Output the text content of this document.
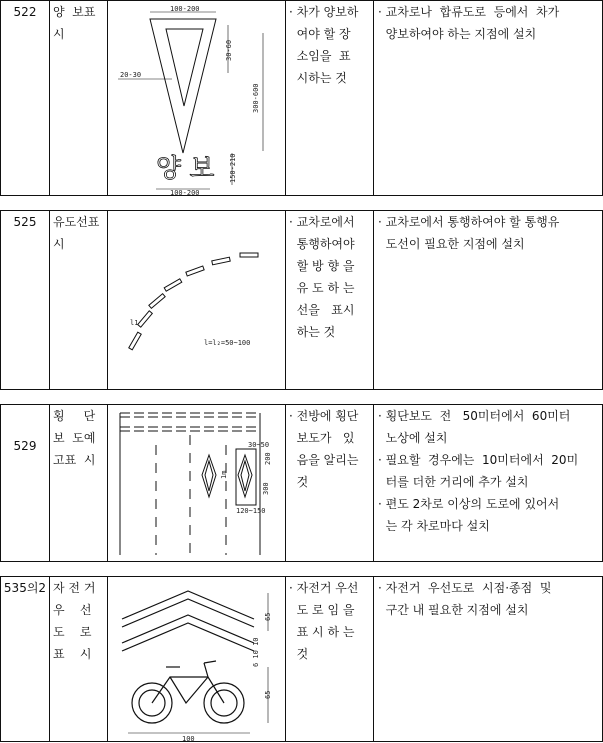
522	양  보표
시
100-200
30-60
20-30
300-600
150-210
양 보
100-200
· 차가 양보하
여야 할 장
소임을  표
시하는 것
· 교차로나  합류도로  등에서  차가
양보하여야 하는 지점에 설치
525	유도선표
시
l1
l=l₂=50~100
· 교차로에서
통행하여야
할 방 향 을
유 도 하 는
선을   표시
하는 것
· 교차로에서 통행하여야 할 통행유
도선이 필요한 지점에 설치
529
횡     단
보  도예
고표  시
30~50
200
300
120~150
1m
· 전방에 횡단
보도가   있
음을 알리는
것
· 횡단보도  전   50미터에서  60미터
노상에 설치
· 필요할  경우에는  10미터에서  20미
터를 더한 거리에 추가 설치
· 편도 2차로 이상의 도로에 있어서
는 각 차로마다 설치
535의2 자 전 거
우    선
도    로
표    시
65
6 10 10
65
100
· 자전거 우선
도 로 임 을
표 시 하 는
것
· 자전거  우선도로  시점·종점  및
구간 내 필요한 지점에 설치
